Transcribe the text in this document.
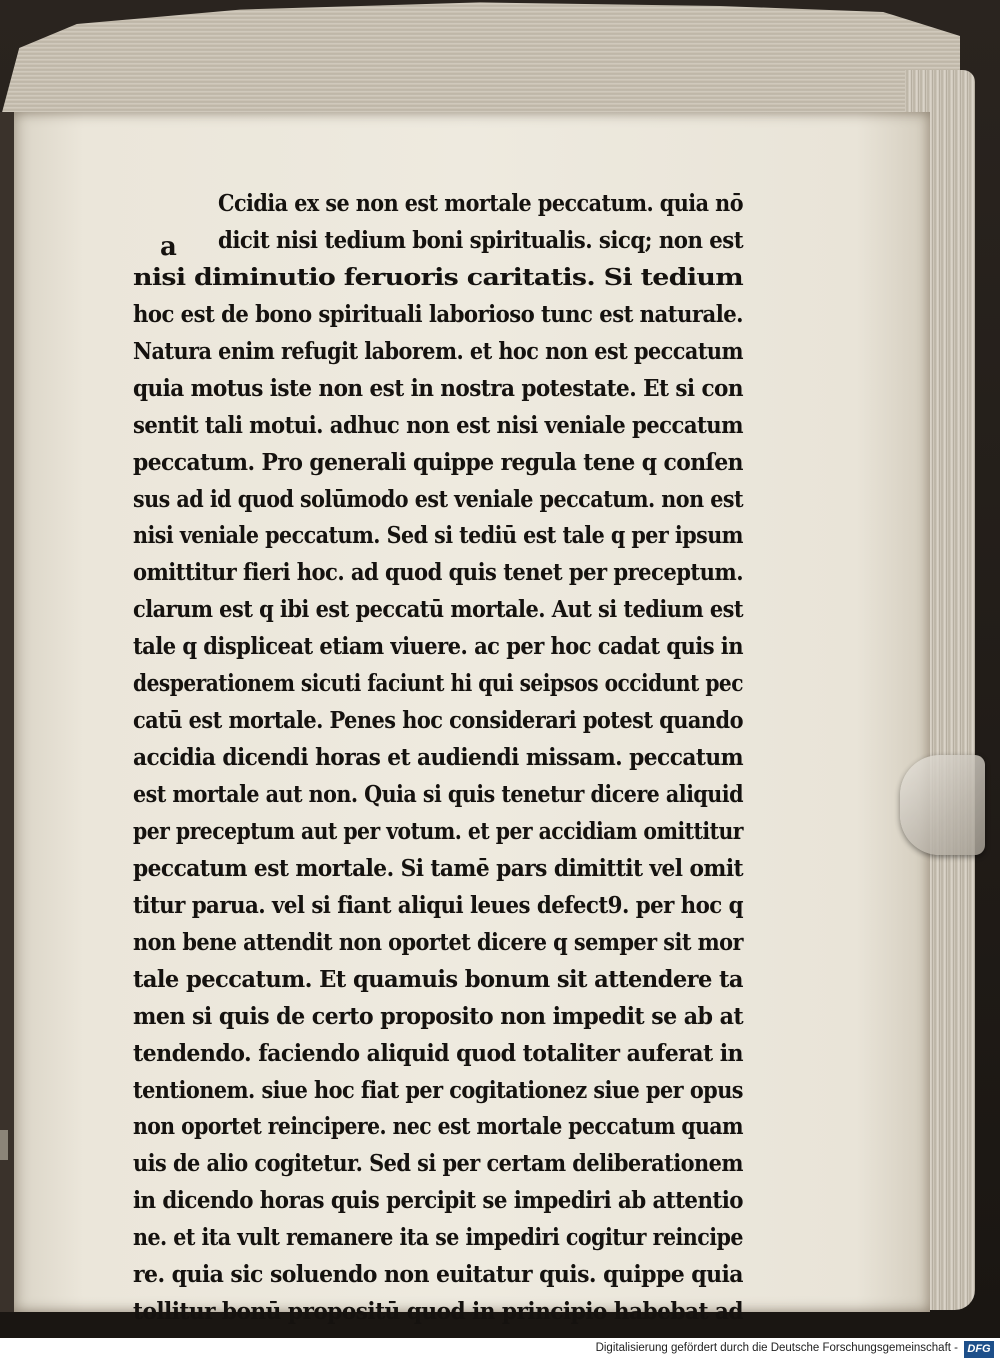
a
Ccidia ex se non est mortale peccatum. quia nō
dicit nisi tedium boni spiritualis. sicq; non est
nisi diminutio feruoris caritatis. Si tedium
hoc est de bono spirituali laborioso tunc est naturale.
Natura enim refugit laborem. et hoc non est peccatum
quia motus iste non est in nostra potestate. Et si con
sentit tali motui. adhuc non est nisi veniale peccatum
peccatum. Pro generali quippe regula tene q conſen
sus ad id quod solūmodo est veniale peccatum. non est
nisi veniale peccatum. Sed si tediū est tale q per ipsum
omittitur fieri hoc. ad quod quis tenet per preceptum.
clarum est q ibi est peccatū mortale. Aut si tedium est
tale q displiceat etiam viuere. ac per hoc cadat quis in
desperationem sicuti faciunt hi qui seipsos occidunt pec
catū est mortale. Penes hoc considerari potest quando
accidia dicendi horas et audiendi missam. peccatum
est mortale aut non. Quia si quis tenetur dicere aliquid
per preceptum aut per votum. et per accidiam omittitur
peccatum est mortale. Si tamē pars dimittit vel omit
titur parua. vel si fiant aliqui leues defect9. per hoc q
non bene attendit non oportet dicere q semper sit mor
tale peccatum. Et quamuis bonum sit attendere ta
men si quis de certo proposito non impedit se ab at
tendendo. faciendo aliquid quod totaliter auferat in
tentionem. siue hoc fiat per cogitationez siue per opus
non oportet reincipere. nec est mortale peccatum quam
uis de alio cogitetur. Sed si per certam deliberationem
in dicendo horas quis percipit se impediri ab attentio
ne. et ita vult remanere ita se impediri cogitur reincipe
re. quia sic soluendo non euitatur quis. quippe quia
tollitur bonū propositū quod in principio habebat ad
Digitalisierung gefördert durch die Deutsche Forschungsgemeinschaft - DFG
